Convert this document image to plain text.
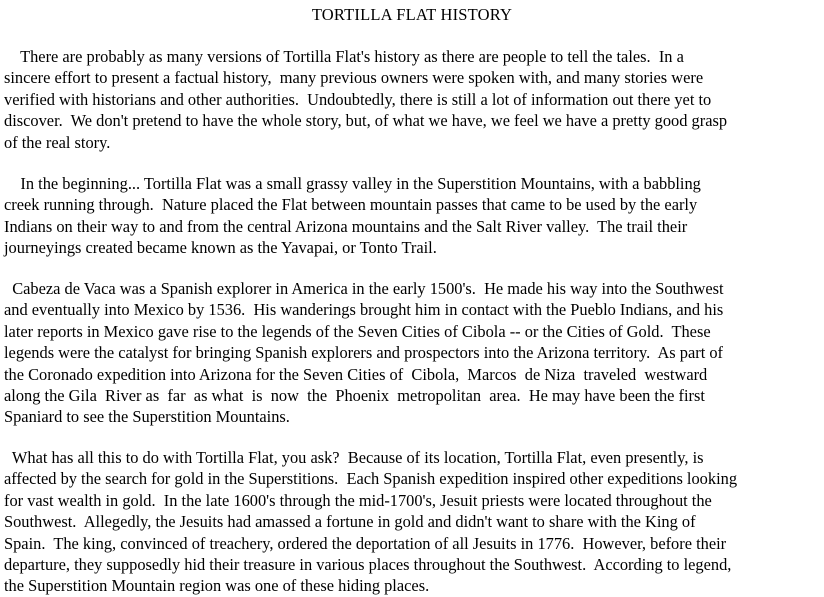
TORTILLA FLAT HISTORY
There are probably as many versions of Tortilla Flat's history as there are people to tell the tales.  In a
sincere effort to present a factual history,  many previous owners were spoken with, and many stories were
verified with historians and other authorities.  Undoubtedly, there is still a lot of information out there yet to
discover.  We don't pretend to have the whole story, but, of what we have, we feel we have a pretty good grasp
of the real story.
In the beginning... Tortilla Flat was a small grassy valley in the Superstition Mountains, with a babbling
creek running through.  Nature placed the Flat between mountain passes that came to be used by the early
Indians on their way to and from the central Arizona mountains and the Salt River valley.  The trail their
journeyings created became known as the Yavapai, or Tonto Trail.
Cabeza de Vaca was a Spanish explorer in America in the early 1500's.  He made his way into the Southwest
and eventually into Mexico by 1536.  His wanderings brought him in contact with the Pueblo Indians, and his
later reports in Mexico gave rise to the legends of the Seven Cities of Cibola -- or the Cities of Gold.  These
legends were the catalyst for bringing Spanish explorers and prospectors into the Arizona territory.  As part of
the Coronado expedition into Arizona for the Seven Cities of  Cibola,  Marcos  de Niza  traveled  westward
along the Gila  River as  far  as what  is  now  the  Phoenix  metropolitan  area.  He may have been the first
Spaniard to see the Superstition Mountains.
What has all this to do with Tortilla Flat, you ask?  Because of its location, Tortilla Flat, even presently, is
affected by the search for gold in the Superstitions.  Each Spanish expedition inspired other expeditions looking
for vast wealth in gold.  In the late 1600's through the mid-1700's, Jesuit priests were located throughout the
Southwest.  Allegedly, the Jesuits had amassed a fortune in gold and didn't want to share with the King of
Spain.  The king, convinced of treachery, ordered the deportation of all Jesuits in 1776.  However, before their
departure, they supposedly hid their treasure in various places throughout the Southwest.  According to legend,
the Superstition Mountain region was one of these hiding places.
